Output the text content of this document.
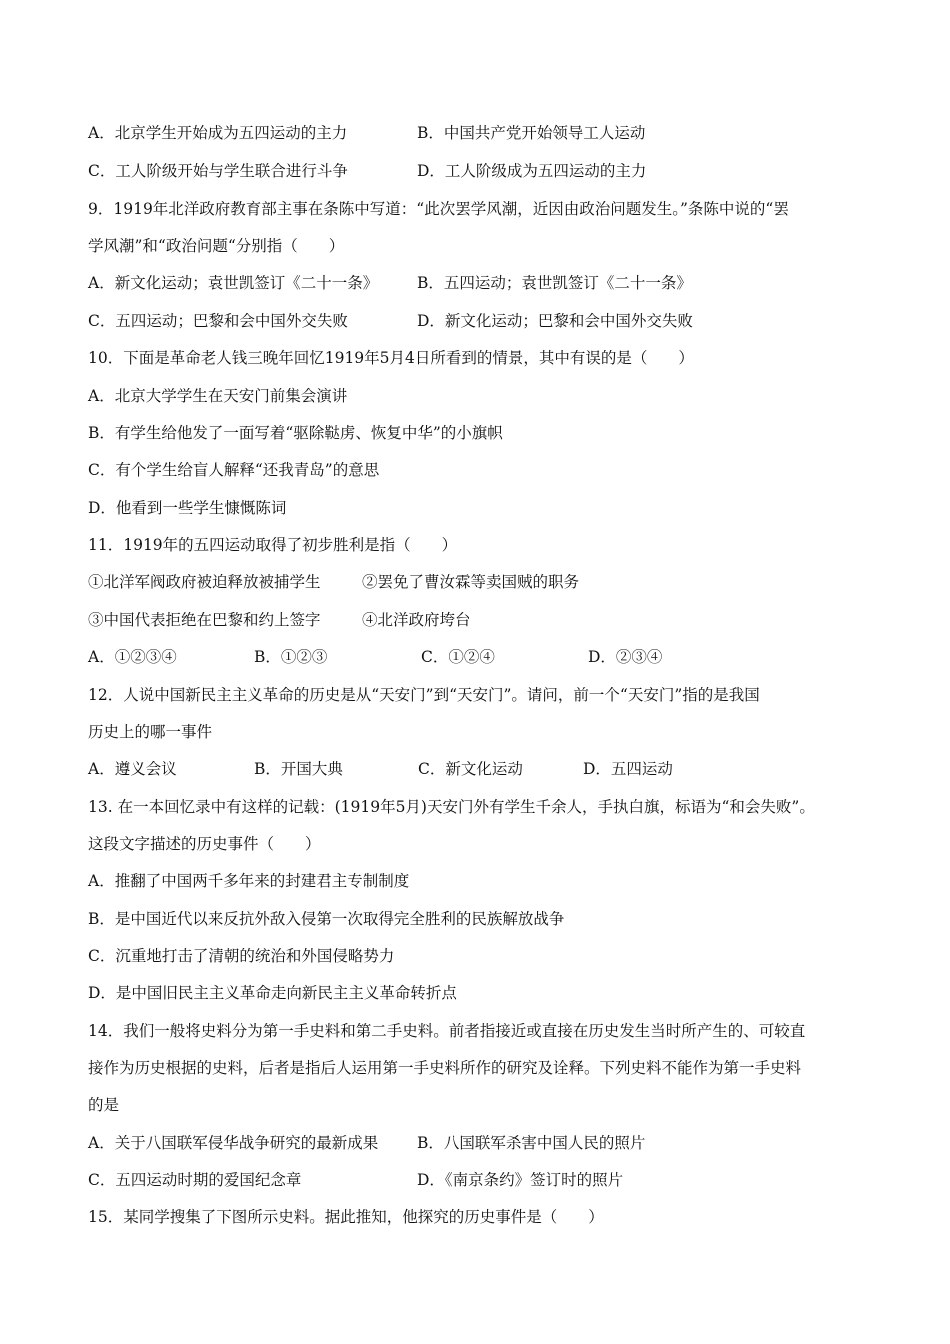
A．北京学生开始成为五四运动的主力	B．中国共产党开始领导工人运动
C．工人阶级开始与学生联合进行斗争	D．工人阶级成为五四运动的主力
9．1919年北洋政府教育部主事在条陈中写道：“此次罢学风潮，近因由政治问题发生。”条陈中说的“罢
学风潮”和“政治问题“分别指（　　）
A．新文化运动；袁世凯签订《二十一条》	B．五四运动；袁世凯签订《二十一条》
C．五四运动；巴黎和会中国外交失败	D．新文化运动；巴黎和会中国外交失败
10．下面是革命老人钱三晚年回忆1919年5月4日所看到的情景，其中有误的是（　　）
A．北京大学学生在天安门前集会演讲
B．有学生给他发了一面写着“驱除鞑虏、恢复中华”的小旗帜
C．有个学生给盲人解释“还我青岛”的意思
D．他看到一些学生慷慨陈词
11．1919年的五四运动取得了初步胜利是指（　　）
①北洋军阀政府被迫释放被捕学生	②罢免了曹汝霖等卖国贼的职务
③中国代表拒绝在巴黎和约上签字	④北洋政府垮台
A．①②③④	B．①②③	C．①②④	D．②③④
12．人说中国新民主主义革命的历史是从“天安门”到“天安门”。请问，前一个“天安门”指的是我国
历史上的哪一事件
A．遵义会议	B．开国大典	C．新文化运动	D．五四运动
13. 在一本回忆录中有这样的记载：(1919年5月)天安门外有学生千余人，手执白旗，标语为“和会失败”。
这段文字描述的历史事件（　　）
A．推翻了中国两千多年来的封建君主专制制度
B．是中国近代以来反抗外敌入侵第一次取得完全胜利的民族解放战争
C．沉重地打击了清朝的统治和外国侵略势力
D．是中国旧民主主义革命走向新民主主义革命转折点
14．我们一般将史料分为第一手史料和第二手史料。前者指接近或直接在历史发生当时所产生的、可较直
接作为历史根据的史料，后者是指后人运用第一手史料所作的研究及诠释。下列史料不能作为第一手史料
的是
A．关于八国联军侵华战争研究的最新成果	B．八国联军杀害中国人民的照片
C．五四运动时期的爱国纪念章	D．《南京条约》签订时的照片
15．某同学搜集了下图所示史料。据此推知，他探究的历史事件是（　　）
